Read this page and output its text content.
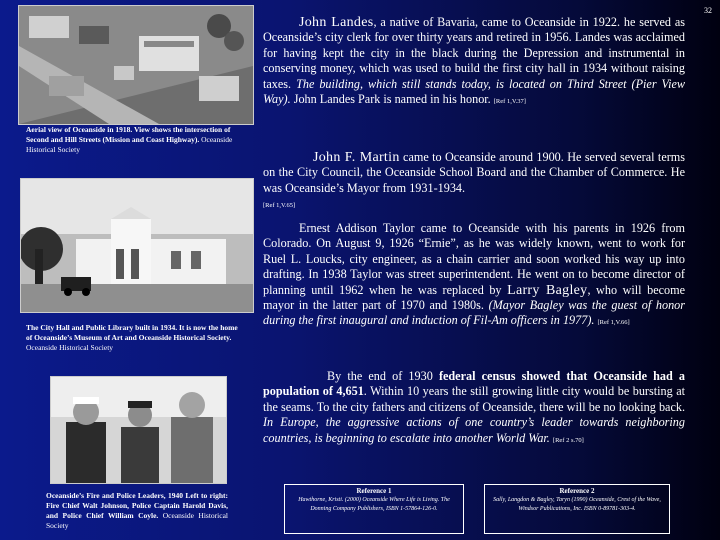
32
Aerial view of Oceanside in 1918. View shows the intersection of Second and Hill Streets (Mission and Coast Highway). Oceanside Historical Society
The City Hall and Public Library built in 1934. It is now the home of Oceanside’s Museum of Art and Oceanside Historical Society.
Oceanside Historical Society
Oceanside’s Fire and Police Leaders, 1940 Left to right: Fire Chief Walt Johnson, Police Captain Harold Davis, and Police Chief William Coyle. Oceanside Historical Society
John Landes, a native of Bavaria, came to Oceanside in 1922. he served as Oceanside’s city clerk for over thirty years and retired in 1956. Landes was acclaimed for having kept the city in the black during the Depression and instrumental in conserving money, which was used to build the first city hall in 1934 without raising taxes. The building, which still stands today, is located on Third Street (Pier View Way). John Landes Park is named in his honor. [Ref 1,V.37]
John F. Martin came to Oceanside around 1900. He served several terms on the City Council, the Oceanside School Board and the Chamber of Commerce. He was Oceanside’s Mayor from 1931-1934.
[Ref 1,V.65]
Ernest Addison Taylor came to Oceanside with his parents in 1926 from Colorado. On August 9, 1926 “Ernie”, as he was widely known, went to work for Ruel L. Loucks, city engineer, as a chain carrier and soon worked his way up into drafting. In 1938 Taylor was street superintendent. He went on to become director of planning until 1962 when he was replaced by Larry Bagley, who will become mayor in the latter part of 1970 and 1980s. (Mayor Bagley was the guest of honor during the first inaugural and induction of Fil-Am officers in 1977). [Ref 1,V.66]
By the end of 1930 federal census showed that Oceanside had a population of 4,651. Within 10 years the still growing little city would be bursting at the seams. To the city fathers and citizens of Oceanside, there will be no looking back. In Europe, the aggressive actions of one country’s leader towards neighboring countries, is beginning to escalate into another World War. [Ref 2 s.70]
Reference 1
Hawthorne, Kristi. (2000) Oceanside Where Life is Living. The Donning Company Publishers, ISBN 1-57864-126-0.
Reference 2
Sally, Langdon & Bagley, Taryn (1990) Oceanside, Crest of the Wave, Windsor Publications, Inc. ISBN 0-89781-303-4.
